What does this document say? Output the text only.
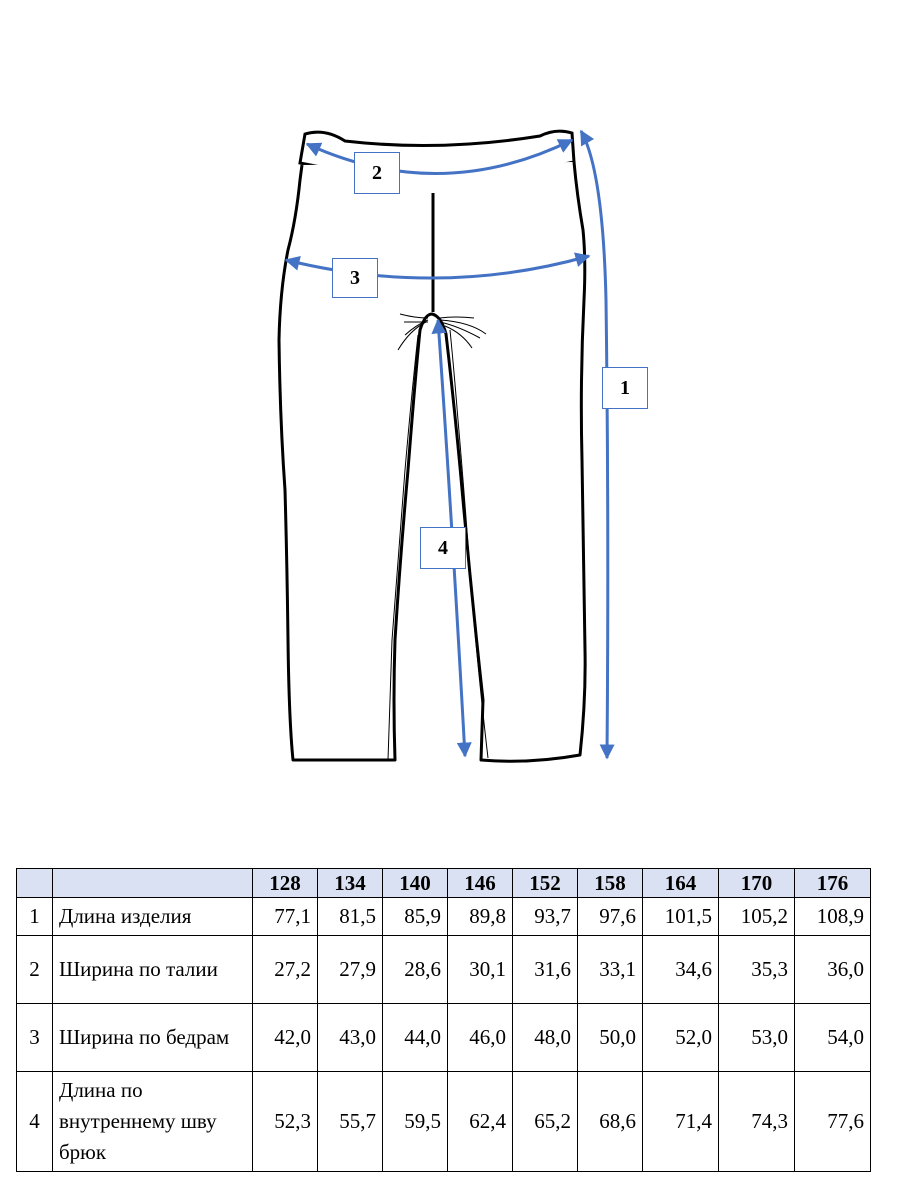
2
3
1
4
		128	134	140	146	152	158	164	170	176
1	Длина изделия	77,1	81,5	85,9	89,8	93,7	97,6	101,5	105,2	108,9
2	Ширина по талии	27,2	27,9	28,6	30,1	31,6	33,1	34,6	35,3	36,0
3	Ширина по бедрам	42,0	43,0	44,0	46,0	48,0	50,0	52,0	53,0	54,0
4	Длина по внутреннему шву брюк	52,3	55,7	59,5	62,4	65,2	68,6	71,4	74,3	77,6
